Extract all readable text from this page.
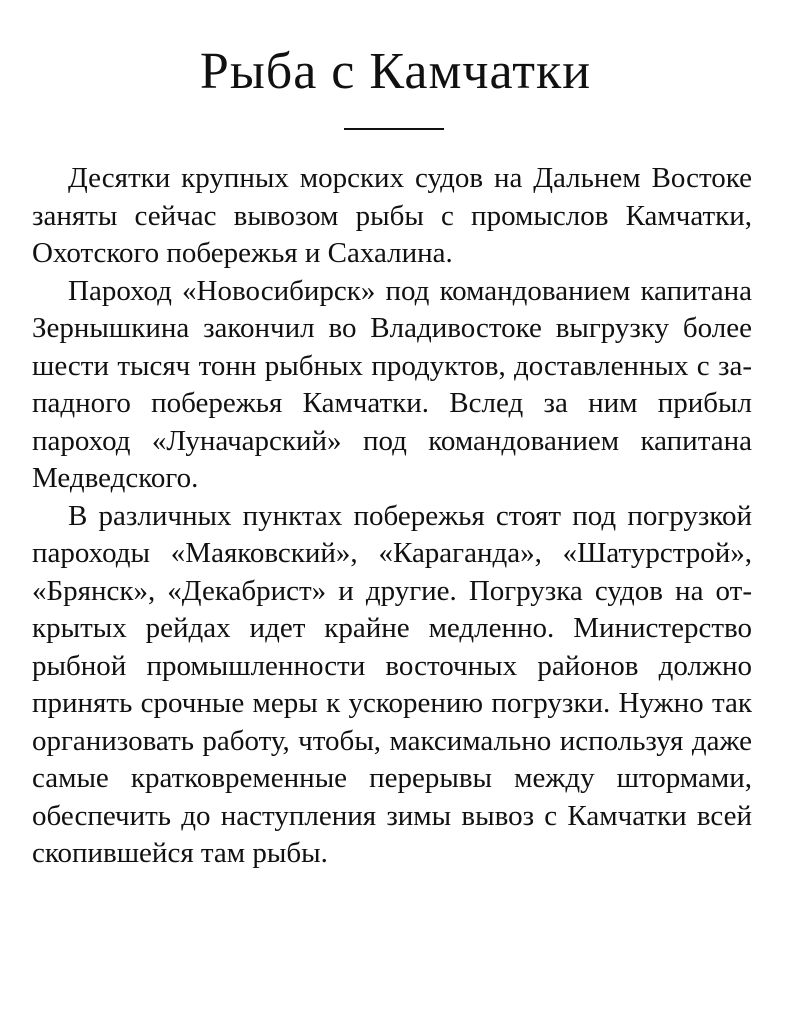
Рыба с Камчатки

Десятки крупных морских судов на Дальнем Востоке заняты сейчас вывозом рыбы с промыслов Камчатки, Охотского побережья и Сахалина.

Пароход «Новосибирск» под командованием капитана Зернышкина закончил во Владивостоке выгрузку более шести тысяч тонн рыбных продуктов, доставленных с западного побережья Камчатки. Вслед за ним прибыл пароход «Луначарский» под командованием капитана Медведского.

В различных пунктах побережья стоят под погрузкой пароходы «Маяковский», «Караганда», «Шатурстрой», «Брянск», «Декабрист» и другие. Погрузка судов на открытых рейдах идет крайне медленно. Министерство рыбной промышленности восточных районов должно принять срочные меры к ускорению погрузки. Нужно так организовать работу, чтобы, максимально используя даже самые кратковременные перерывы между штормами, обеспечить до наступления зимы вывоз с Камчатки всей скопившейся там рыбы.
